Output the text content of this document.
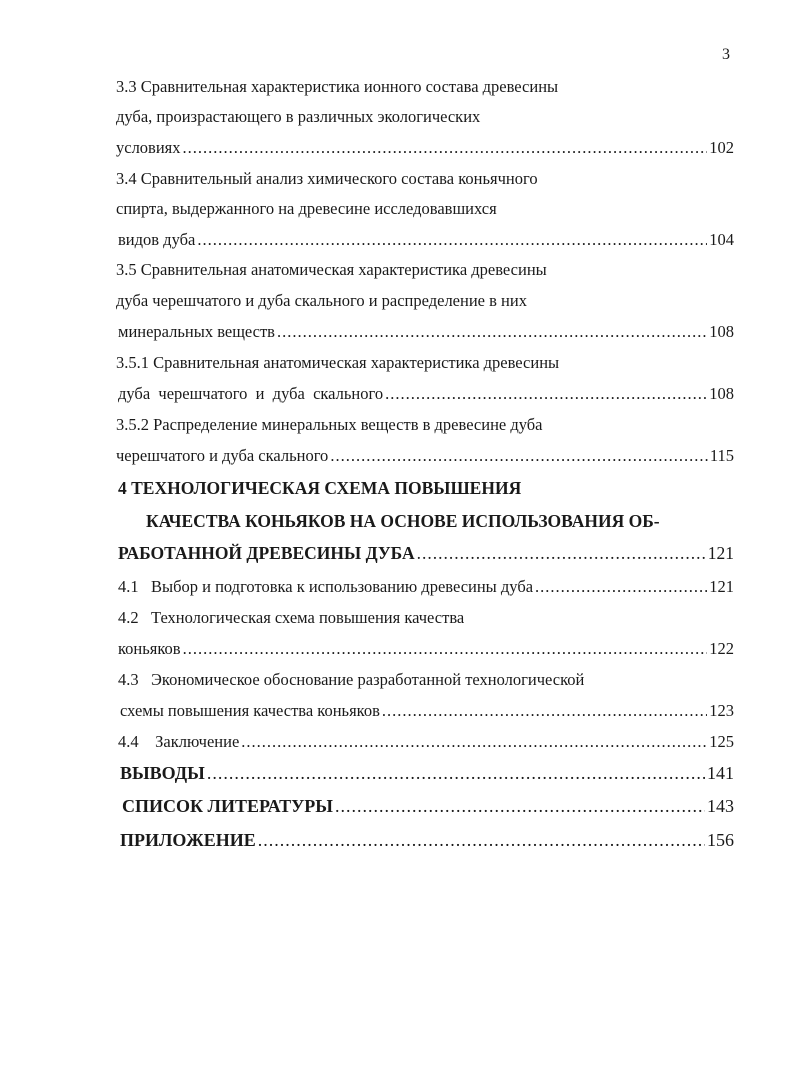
3
3.3 Сравнительная характеристика ионного состава древесины
дуба, произрастающего в различных экологических
условиях .....	102
3.4 Сравнительный анализ химического состава коньячного
спирта, выдержанного на древесине исследовавшихся
видов дуба .....	104
3.5 Сравнительная анатомическая характеристика древесины
дуба черешчатого и дуба скального и распределение в них
минеральных веществ .....	108
3.5.1 Сравнительная анатомическая характеристика древесины
дуба  черешчатого  и  дуба  скального .....	108
3.5.2 Распределение минеральных веществ в древесине дуба
черешчатого и дуба скального .....	115
4 ТЕХНОЛОГИЧЕСКАЯ СХЕМА ПОВЫШЕНИЯ
КАЧЕСТВА КОНЬЯКОВ НА ОСНОВЕ ИСПОЛЬЗОВАНИЯ ОБ-
РАБОТАННОЙ ДРЕВЕСИНЫ ДУБА .....	121
4.1   Выбор и подготовка к использованию древесины дуба .....	121
4.2   Технологическая схема повышения качества
коньяков .....	122
4.3   Экономическое обоснование разработанной технологической
схемы повышения качества коньяков .....	123
4.4    Заключение .....	125
ВЫВОДЫ .....	141
СПИСОК ЛИТЕРАТУРЫ .....	143
ПРИЛОЖЕНИЕ .....	156
